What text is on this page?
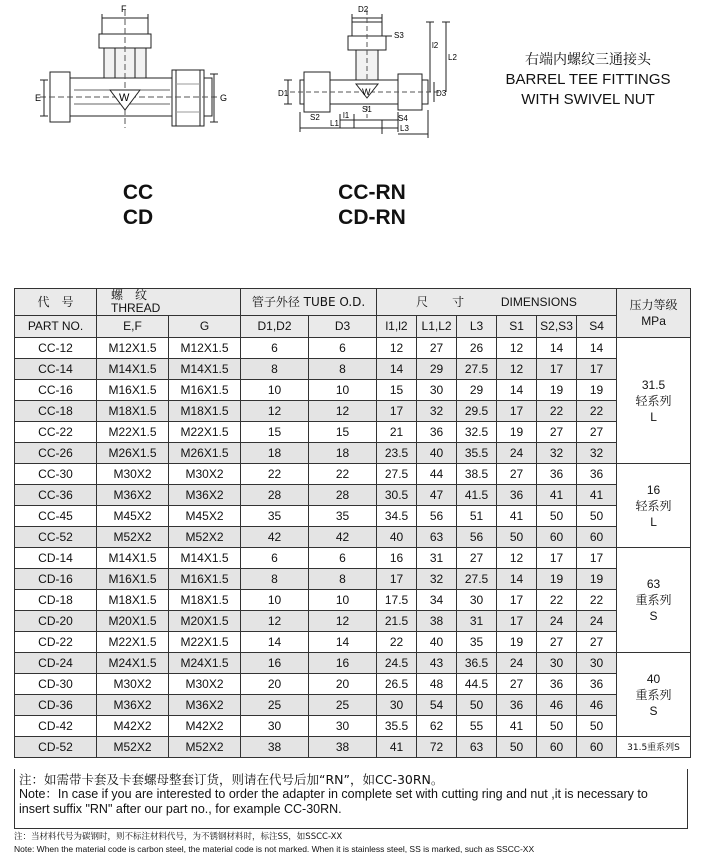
F
E	G
W
D2
S3
l2
L2
D1	D3
S2	l1
S1
S4
L1
L3
W
CC
CD
CC-RN
CD-RN
右端内螺纹三通接头
BARREL TEE FITTINGS
WITH SWIVEL NUT
代　号	螺　纹  THREAD		管子外径 TUBE O.D.		尺　　寸 DIMENSIONS						压力等级
MPa
PART NO.	E,F	G	D1,D2	D3	l1,l2	L1,L2	L3	S1	S2,S3	S4	
CC-12	M12X1.5	M12X1.5	6	6	12	27	26	12	14	14	31.5
轻系列
L

CC-14	M14X1.5	M14X1.5	8	8	14	29	27.5	12	17	17	
CC-16	M16X1.5	M16X1.5	10	10	15	30	29	14	19	19	
CC-18	M18X1.5	M18X1.5	12	12	17	32	29.5	17	22	22	
CC-22	M22X1.5	M22X1.5	15	15	21	36	32.5	19	27	27	
CC-26	M26X1.5	M26X1.5	18	18	23.5	40	35.5	24	32	32	
CC-30	M30X2	M30X2	22	22	27.5	44	38.5	27	36	36	16
轻系列
L

CC-36	M36X2	M36X2	28	28	30.5	47	41.5	36	41	41	
CC-45	M45X2	M45X2	35	35	34.5	56	51	41	50	50	
CC-52	M52X2	M52X2	42	42	40	63	56	50	60	60	
CD-14	M14X1.5	M14X1.5	6	6	16	31	27	12	17	17	63
重系列
S

CD-16	M16X1.5	M16X1.5	8	8	17	32	27.5	14	19	19	
CD-18	M18X1.5	M18X1.5	10	10	17.5	34	30	17	22	22	
CD-20	M20X1.5	M20X1.5	12	12	21.5	38	31	17	24	24	
CD-22	M22X1.5	M22X1.5	14	14	22	40	35	19	27	27	
CD-24	M24X1.5	M24X1.5	16	16	24.5	43	36.5	24	30	30	40
重系列
S

CD-30	M30X2	M30X2	20	20	26.5	48	44.5	27	36	36	
CD-36	M36X2	M36X2	25	25	30	54	50	36	46	46	
CD-42	M42X2	M42X2	30	30	35.5	62	55	41	50	50	
CD-52	M52X2	M52X2	38	38	41	72	63	50	60	60	31.5重系列S

注：如需带卡套及卡套螺母整套订货，则请在代号后加“RN”，如CC-30RN。

Note：In case if you are interested to order the adapter in complete set with cutting ring and nut ,it is necessary to

insert suffix "RN" after our part no., for example CC-30RN.

注：当材料代号为碳钢时，则不标注材料代号，为不锈钢材料时，标注SS，如SSCC-XX
Note: When the material code is carbon steel, the material code is not marked. When it is stainless steel, SS is marked, such as SSCC-XX
